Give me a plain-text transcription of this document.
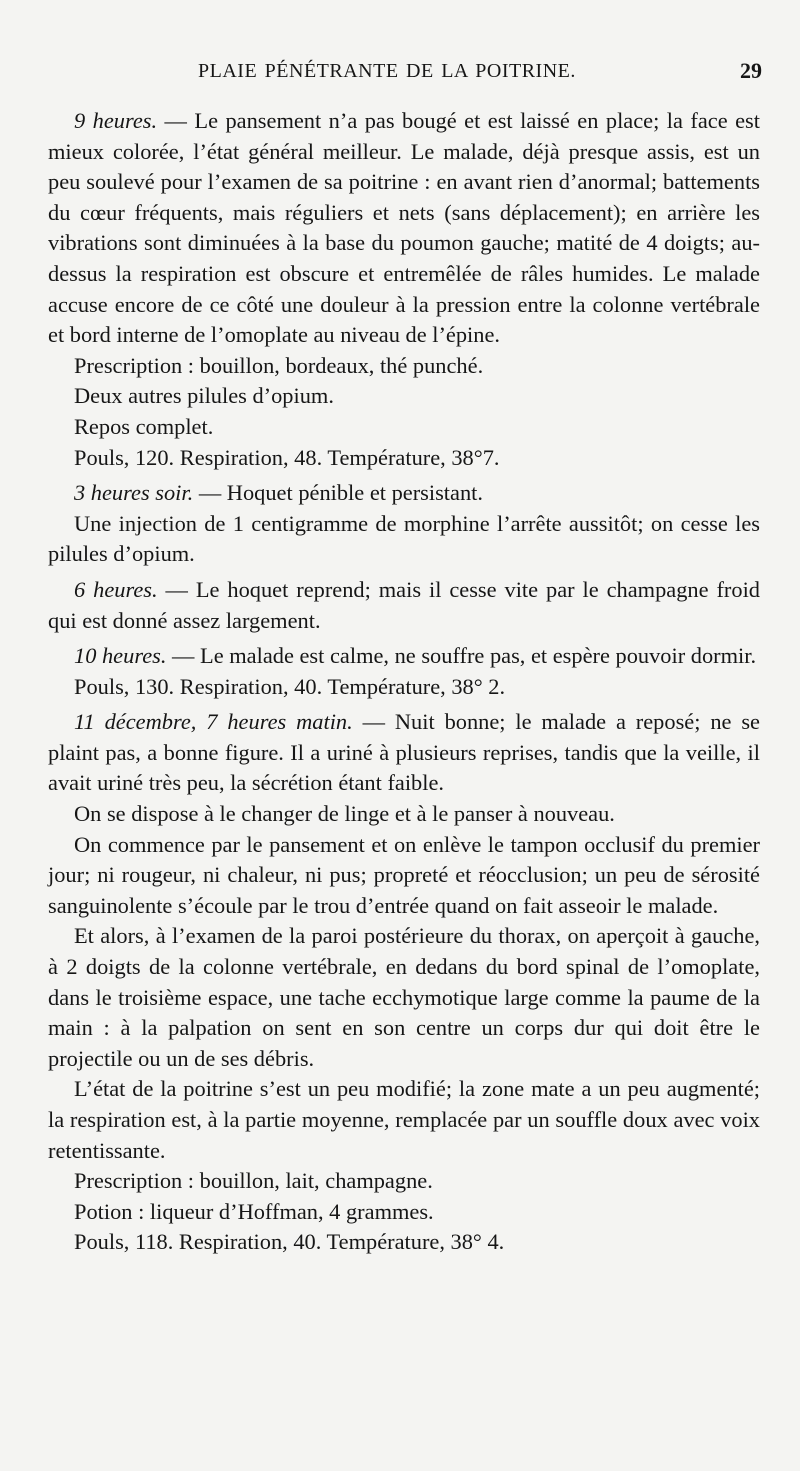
PLAIE PÉNÉTRANTE DE LA POITRINE.	29

9 heures. — Le pansement n’a pas bougé et est laissé en place; la face est mieux colorée, l’état général meilleur. Le malade, déjà presque assis, est un peu soulevé pour l’examen de sa poitrine : en avant rien d’anormal; battements du cœur fréquents, mais réguliers et nets (sans déplacement); en arrière les vibrations sont diminuées à la base du poumon gauche; matité de 4 doigts; au-dessus la respiration est obscure et entremêlée de râles humides. Le malade accuse encore de ce côté une douleur à la pression entre la colonne vertébrale et bord interne de l’omoplate au niveau de l’épine.

Prescription : bouillon, bordeaux, thé punché.

Deux autres pilules d’opium.

Repos complet.

Pouls, 120. Respiration, 48. Température, 38°7.

3 heures soir. — Hoquet pénible et persistant.

Une injection de 1 centigramme de morphine l’arrête aussitôt; on cesse les pilules d’opium.

6 heures. — Le hoquet reprend; mais il cesse vite par le champagne froid qui est donné assez largement.

10 heures. — Le malade est calme, ne souffre pas, et espère pouvoir dormir.

Pouls, 130. Respiration, 40. Température, 38° 2.

11 décembre, 7 heures matin. — Nuit bonne; le malade a reposé; ne se plaint pas, a bonne figure. Il a uriné à plusieurs reprises, tandis que la veille, il avait uriné très peu, la sécrétion étant faible.

On se dispose à le changer de linge et à le panser à nouveau.

On commence par le pansement et on enlève le tampon occlusif du premier jour; ni rougeur, ni chaleur, ni pus; propreté et réocclusion; un peu de sérosité sanguinolente s’écoule par le trou d’entrée quand on fait asseoir le malade.

Et alors, à l’examen de la paroi postérieure du thorax, on aperçoit à gauche, à 2 doigts de la colonne vertébrale, en dedans du bord spinal de l’omoplate, dans le troisième espace, une tache ecchymotique large comme la paume de la main : à la palpation on sent en son centre un corps dur qui doit être le projectile ou un de ses débris.

L’état de la poitrine s’est un peu modifié; la zone mate a un peu augmenté; la respiration est, à la partie moyenne, remplacée par un souffle doux avec voix retentissante.

Prescription : bouillon, lait, champagne.

Potion : liqueur d’Hoffman, 4 grammes.

Pouls, 118. Respiration, 40. Température, 38° 4.
